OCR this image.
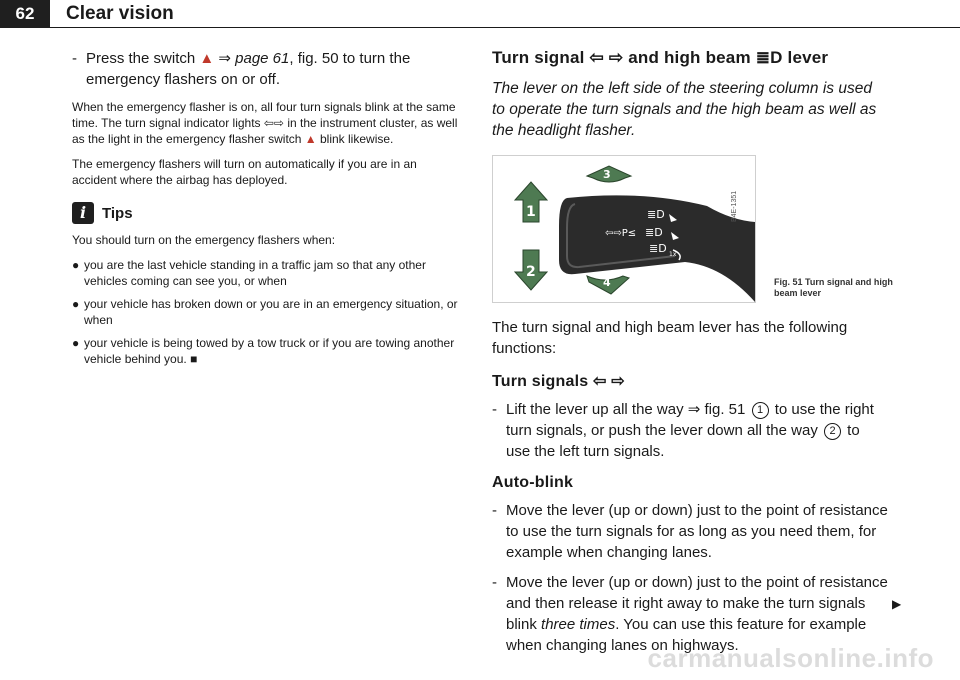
62	Clear vision
- Press the switch ▲ ⇒ page 61, fig. 50 to turn the emergency flashers on or off.

When the emergency flasher is on, all four turn signals blink at the same time. The turn signal indicator lights ⇦⇨ in the instrument cluster, as well as the light in the emergency flasher switch ▲ blink likewise.

The emergency flashers will turn on automatically if you are in an accident where the airbag has deployed.

i	Tips

You should turn on the emergency flashers when:

● you are the last vehicle standing in a traffic jam so that any other vehicles coming can see you, or when
● your vehicle has broken down or you are in an emergency situation, or when
● your vehicle is being towed by a tow truck or if you are towing another vehicle behind you. ■
Turn signal ⇦ ⇨ and high beam ≣D lever

The lever on the left side of the steering column is used to operate the turn signals and the high beam as well as the headlight flasher.

⇦⇨P≤
≣D
≣D
≣D 1x
1
2
3
4
B4E-1351
Fig. 51 Turn signal and high beam lever

The turn signal and high beam lever has the following functions:

Turn signals ⇦ ⇨
- Lift the lever up all the way ⇒ fig. 51 1 to use the right turn signals, or push the lever down all the way 2 to use the left turn signals.
Auto-blink
- Move the lever (up or down) just to the point of resistance to use the turn signals for as long as you need them, for example when changing lanes.
- Move the lever (up or down) just to the point of resistance and then release it right away to make the turn signals blink three times. You can use this feature for example when changing lanes on highways.
▶
carmanualsonline.info
